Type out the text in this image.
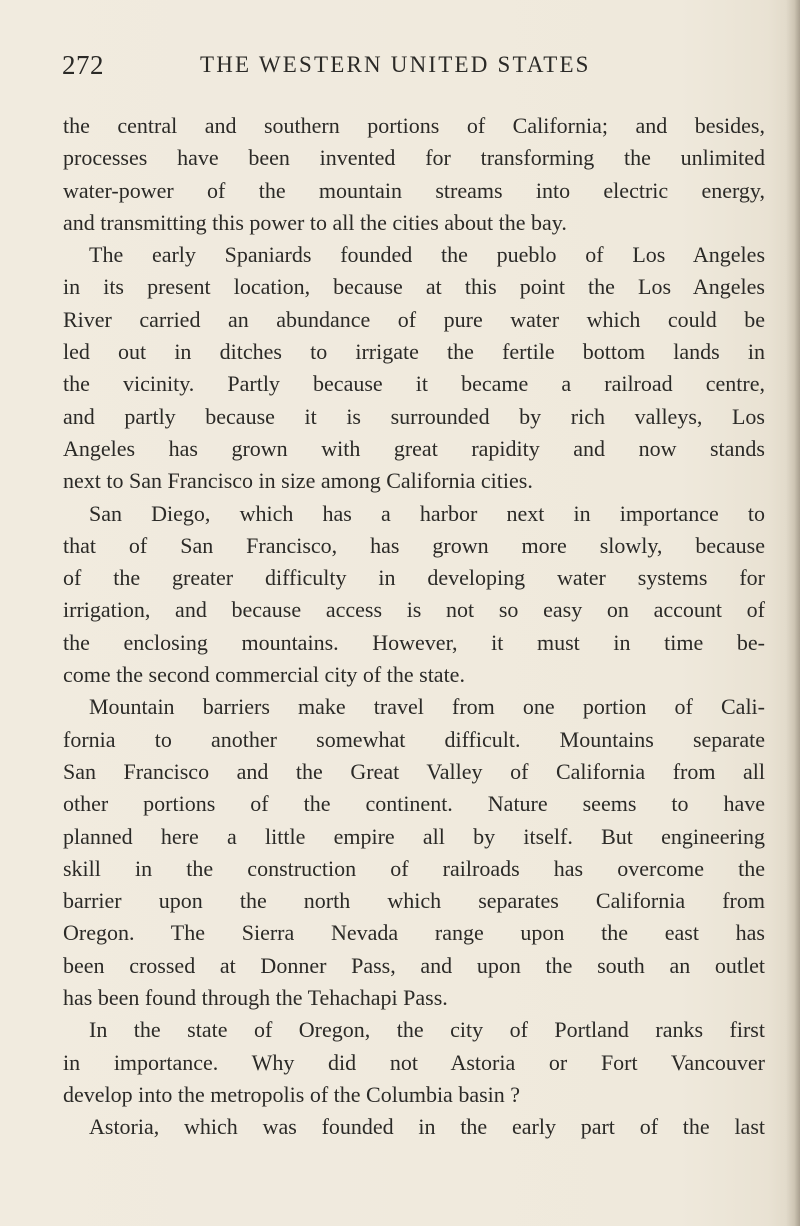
272	THE WESTERN UNITED STATES
the central and southern portions of California; and besides,
processes have been invented for transforming the unlimited
water-power of the mountain streams into electric energy,
and transmitting this power to all the cities about the bay.
The early Spaniards founded the pueblo of Los Angeles
in its present location, because at this point the Los Angeles
River carried an abundance of pure water which could be
led out in ditches to irrigate the fertile bottom lands in
the vicinity. Partly because it became a railroad centre,
and partly because it is surrounded by rich valleys, Los
Angeles has grown with great rapidity and now stands
next to San Francisco in size among California cities.
San Diego, which has a harbor next in importance to
that of San Francisco, has grown more slowly, because
of the greater difficulty in developing water systems for
irrigation, and because access is not so easy on account of
the enclosing mountains. However, it must in time be-
come the second commercial city of the state.
Mountain barriers make travel from one portion of Cali-
fornia to another somewhat difficult. Mountains separate
San Francisco and the Great Valley of California from all
other portions of the continent. Nature seems to have
planned here a little empire all by itself. But engineering
skill in the construction of railroads has overcome the
barrier upon the north which separates California from
Oregon. The Sierra Nevada range upon the east has
been crossed at Donner Pass, and upon the south an outlet
has been found through the Tehachapi Pass.
In the state of Oregon, the city of Portland ranks first
in importance. Why did not Astoria or Fort Vancouver
develop into the metropolis of the Columbia basin ?
Astoria, which was founded in the early part of the last
